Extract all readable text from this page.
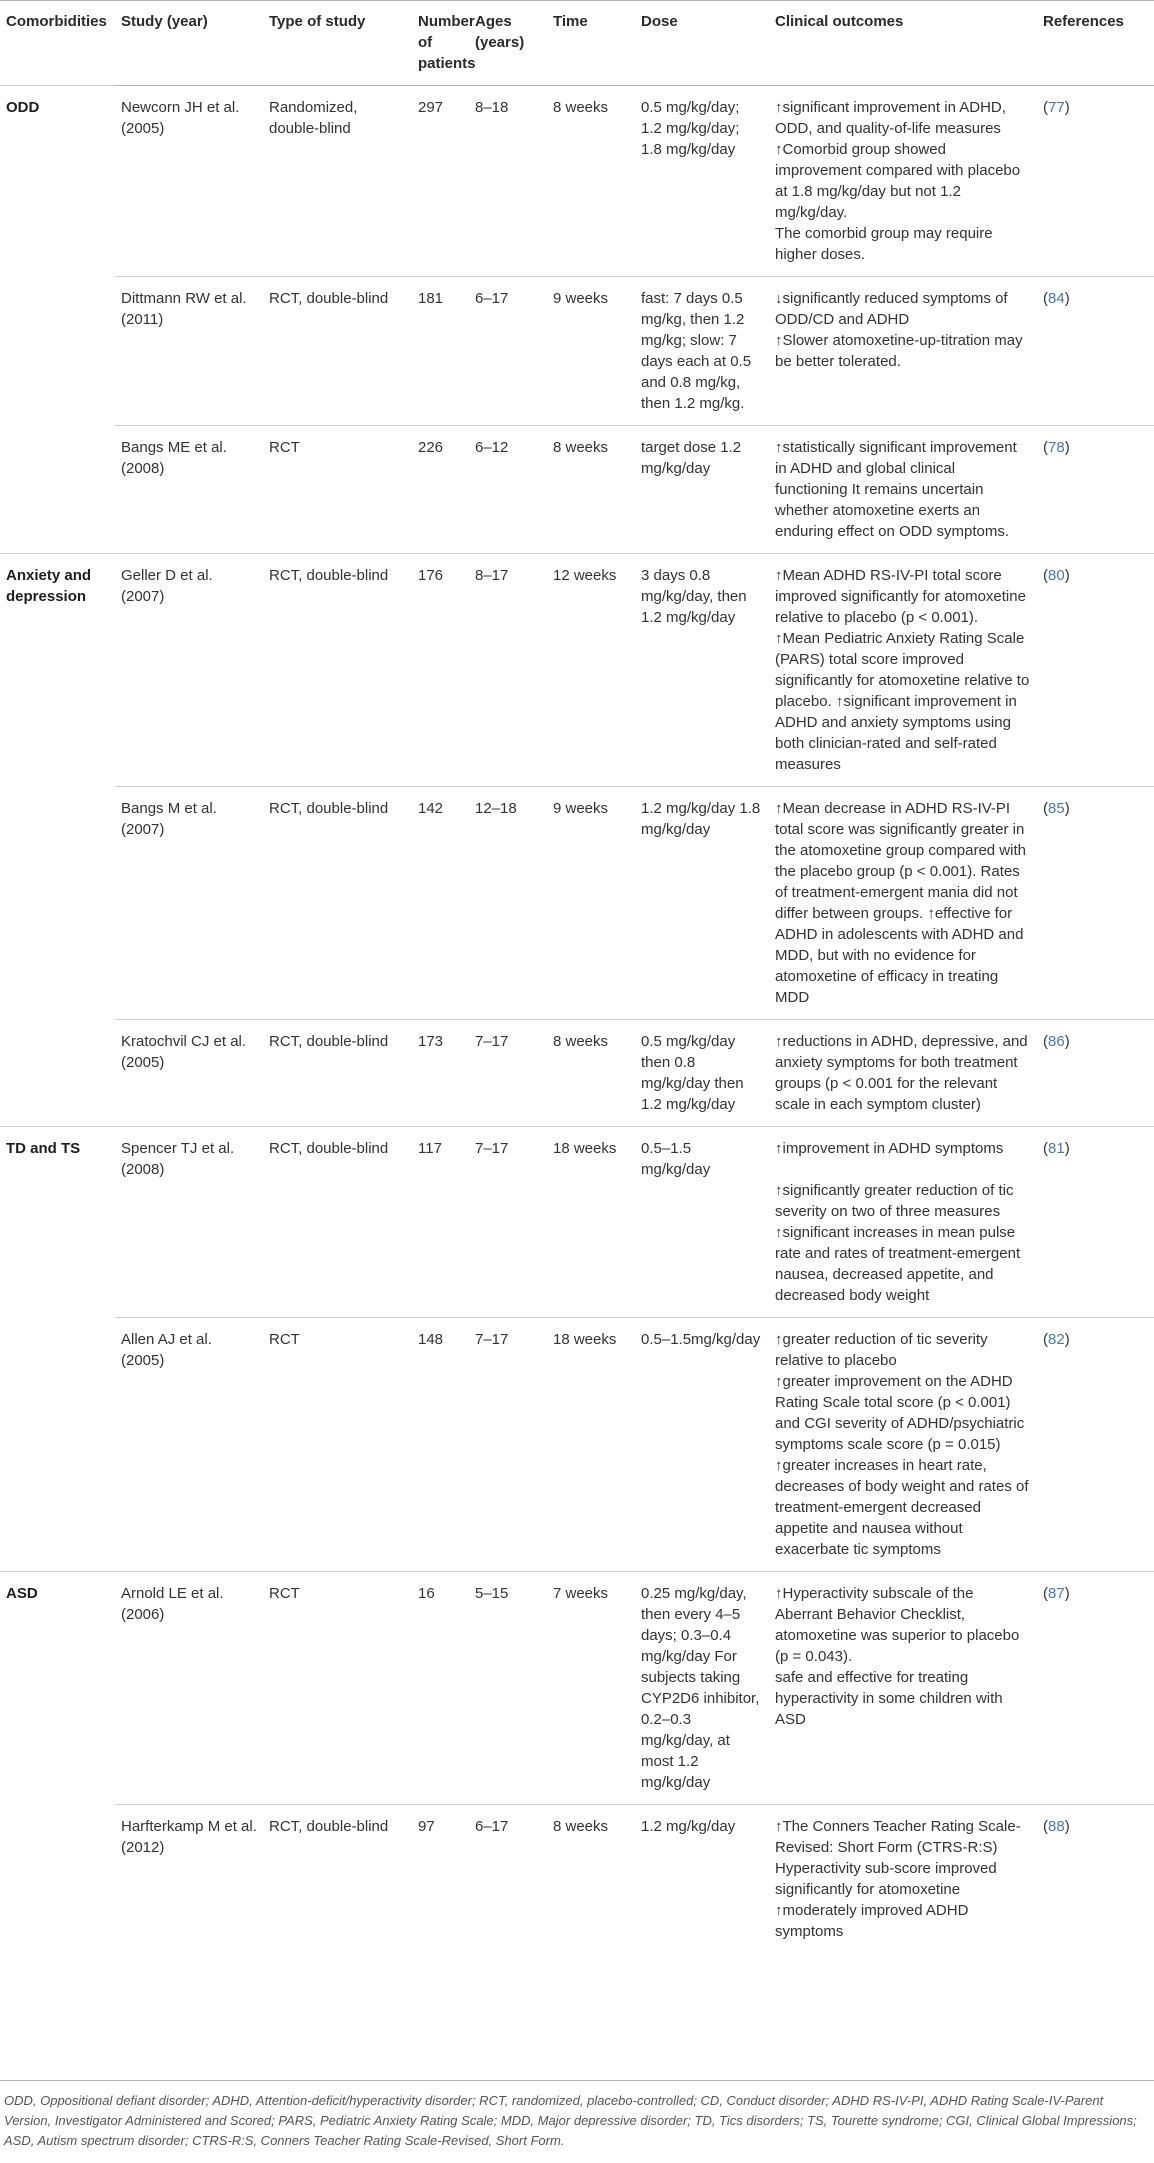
Comorbidities	Study (year)	Type of study	Number of patients	Ages (years)	Time	Dose	Clinical outcomes	References
ODD	Newcorn JH et al. (2005)	Randomized, double-blind	297	8–18	8 weeks	0.5 mg/kg/day; 1.2 mg/kg/day; 1.8 mg/kg/day	↑significant improvement in ADHD, ODD, and quality-of-life measures
↑Comorbid group showed improvement compared with placebo at 1.8 mg/kg/day but not 1.2 mg/kg/day.
The comorbid group may require higher doses.	(77)
	Dittmann RW et al. (2011)	RCT, double-blind	181	6–17	9 weeks	fast: 7 days 0.5 mg/kg, then 1.2 mg/kg; slow: 7 days each at 0.5 and 0.8 mg/kg, then 1.2 mg/kg.	↓significantly reduced symptoms of ODD/CD and ADHD
↑Slower atomoxetine-up-titration may be better tolerated.	(84)
	Bangs ME et al. (2008)	RCT	226	6–12	8 weeks	target dose 1.2 mg/kg/day	↑statistically significant improvement in ADHD and global clinical functioning It remains uncertain whether atomoxetine exerts an enduring effect on ODD symptoms.	(78)
Anxiety and depression	Geller D et al. (2007)	RCT, double-blind	176	8–17	12 weeks	3 days 0.8 mg/kg/day, then 1.2 mg/kg/day	↑Mean ADHD RS-IV-PI total score improved significantly for atomoxetine relative to placebo (p < 0.001).
↑Mean Pediatric Anxiety Rating Scale (PARS) total score improved significantly for atomoxetine relative to placebo. ↑significant improvement in ADHD and anxiety symptoms using both clinician-rated and self-rated measures	(80)
	Bangs M et al. (2007)	RCT, double-blind	142	12–18	9 weeks	1.2 mg/kg/day 1.8 mg/kg/day	↑Mean decrease in ADHD RS-IV-PI total score was significantly greater in the atomoxetine group compared with the placebo group (p < 0.001). Rates of treatment-emergent mania did not differ between groups. ↑effective for ADHD in adolescents with ADHD and MDD, but with no evidence for atomoxetine of efficacy in treating MDD	(85)
	Kratochvil CJ et al. (2005)	RCT, double-blind	173	7–17	8 weeks	0.5 mg/kg/day then 0.8 mg/kg/day then 1.2 mg/kg/day	↑reductions in ADHD, depressive, and anxiety symptoms for both treatment groups (p < 0.001 for the relevant scale in each symptom cluster)	(86)
TD and TS	Spencer TJ et al. (2008)	RCT, double-blind	117	7–17	18 weeks	0.5–1.5 mg/kg/day	↑improvement in ADHD symptoms
↑significantly greater reduction of tic severity on two of three measures
↑significant increases in mean pulse rate and rates of treatment-emergent nausea, decreased appetite, and decreased body weight	(81)
	Allen AJ et al. (2005)	RCT	148	7–17	18 weeks	0.5–1.5mg/kg/day	↑greater reduction of tic severity relative to placebo
↑greater improvement on the ADHD Rating Scale total score (p < 0.001) and CGI severity of ADHD/psychiatric symptoms scale score (p = 0.015)
↑greater increases in heart rate, decreases of body weight and rates of treatment-emergent decreased appetite and nausea without exacerbate tic symptoms	(82)
ASD	Arnold LE et al. (2006)	RCT	16	5–15	7 weeks	0.25 mg/kg/day, then every 4–5 days; 0.3–0.4 mg/kg/day For subjects taking CYP2D6 inhibitor, 0.2–0.3 mg/kg/day, at most 1.2 mg/kg/day	↑Hyperactivity subscale of the Aberrant Behavior Checklist, atomoxetine was superior to placebo (p = 0.043).
safe and effective for treating hyperactivity in some children with ASD	(87)
	Harfterkamp M et al. (2012)	RCT, double-blind	97	6–17	8 weeks	1.2 mg/kg/day	↑The Conners Teacher Rating Scale-Revised: Short Form (CTRS-R:S) Hyperactivity sub-score improved significantly for atomoxetine
↑moderately improved ADHD symptoms	(88)
ODD, Oppositional defiant disorder; ADHD, Attention-deficit/hyperactivity disorder; RCT, randomized, placebo-controlled; CD, Conduct disorder; ADHD RS-IV-PI, ADHD Rating Scale-IV-Parent Version, Investigator Administered and Scored; PARS, Pediatric Anxiety Rating Scale; MDD, Major depressive disorder; TD, Tics disorders; TS, Tourette syndrome; CGI, Clinical Global Impressions; ASD, Autism spectrum disorder; CTRS-R:S, Conners Teacher Rating Scale-Revised, Short Form.
